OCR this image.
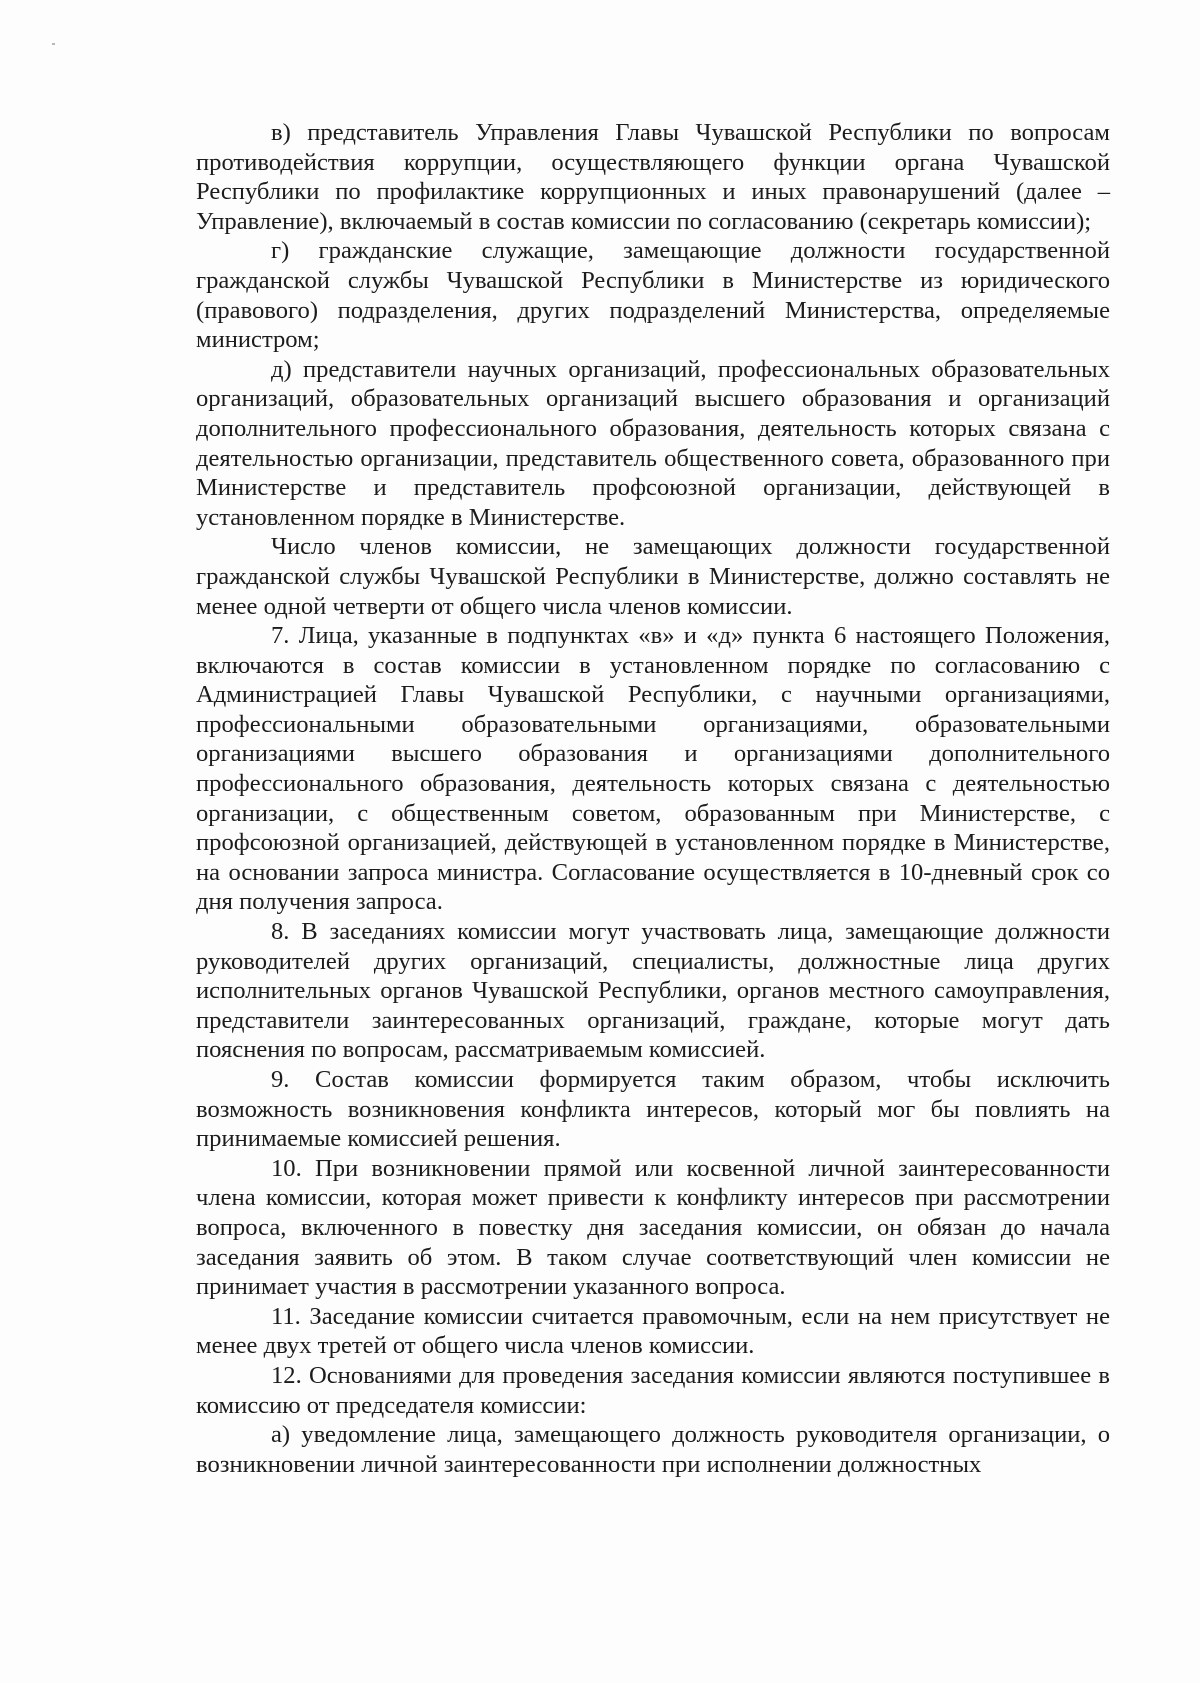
в) представитель Управления Главы Чувашской Республики по вопросам противодействия коррупции, осуществляющего функции органа Чувашской Республики по профилактике коррупционных и иных правонарушений (далее – Управление), включаемый в состав комиссии по согласованию (секретарь комиссии);

г) гражданские служащие, замещающие должности государственной гражданской службы Чувашской Республики в Министерстве из юридического (правового) подразделения, других подразделений Министерства, определяемые министром;

д) представители научных организаций, профессиональных образовательных организаций, образовательных организаций высшего образования и организаций дополнительного профессионального образования, деятельность которых связана с деятельностью организации, представитель общественного совета, образованного при Министерстве и представитель профсоюзной организации, действующей в установленном порядке в Министерстве.

Число членов комиссии, не замещающих должности государственной гражданской службы Чувашской Республики в Министерстве, должно составлять не менее одной четверти от общего числа членов комиссии.

7. Лица, указанные в подпунктах «в» и «д» пункта 6 настоящего Положения, включаются в состав комиссии в установленном порядке по согласованию с Администрацией Главы Чувашской Республики, с научными организациями, профессиональными образовательными организациями, образовательными организациями высшего образования и организациями дополнительного профессионального образования, деятельность которых связана с деятельностью организации, с общественным советом, образованным при Министерстве, с профсоюзной организацией, действующей в установленном порядке в Министерстве, на основании запроса министра. Согласование осуществляется в 10-дневный срок со дня получения запроса.

8. В заседаниях комиссии могут участвовать лица, замещающие должности руководителей других организаций, специалисты, должностные лица других исполнительных органов Чувашской Республики, органов местного самоуправления, представители заинтересованных организаций, граждане, которые могут дать пояснения по вопросам, рассматриваемым комиссией.

9. Состав комиссии формируется таким образом, чтобы исключить возможность возникновения конфликта интересов, который мог бы повлиять на принимаемые комиссией решения.

10. При возникновении прямой или косвенной личной заинтересованности члена комиссии, которая может привести к конфликту интересов при рассмотрении вопроса, включенного в повестку дня заседания комиссии, он обязан до начала заседания заявить об этом. В таком случае соответствующий член комиссии не принимает участия в рассмотрении указанного вопроса.

11. Заседание комиссии считается правомочным, если на нем присутствует не менее двух третей от общего числа членов комиссии.

12. Основаниями для проведения заседания комиссии являются поступившее в комиссию от председателя комиссии:

а) уведомление лица, замещающего должность руководителя организации, о возникновении личной заинтересованности при исполнении должностных
